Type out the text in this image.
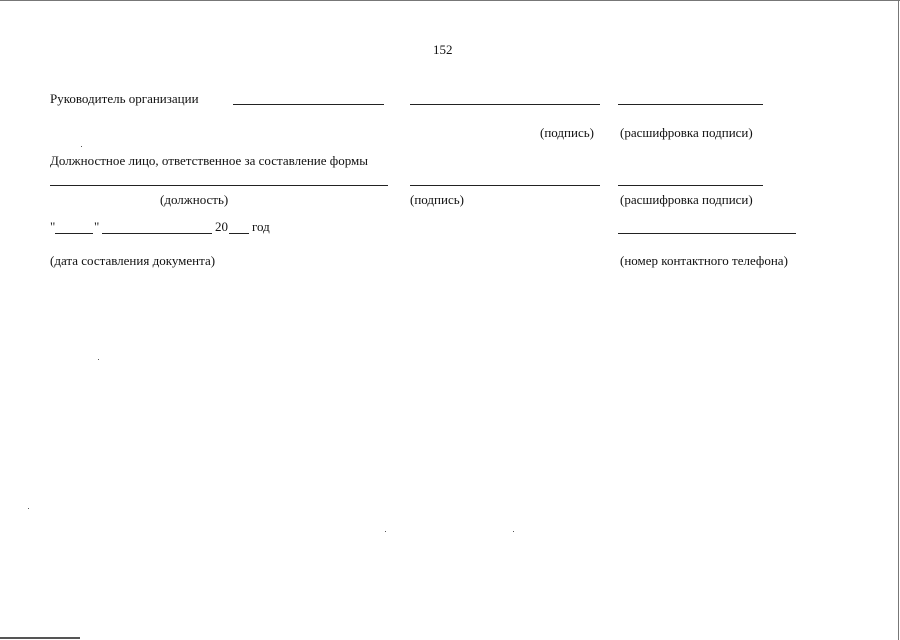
152
Руководитель организации
(подпись) (расшифровка подписи)
Должностное лицо, ответственное за составление формы
(должность)	(подпись)	(расшифровка подписи)
"	"	20 год
(дата составления документа)	(номер контактного телефона)
